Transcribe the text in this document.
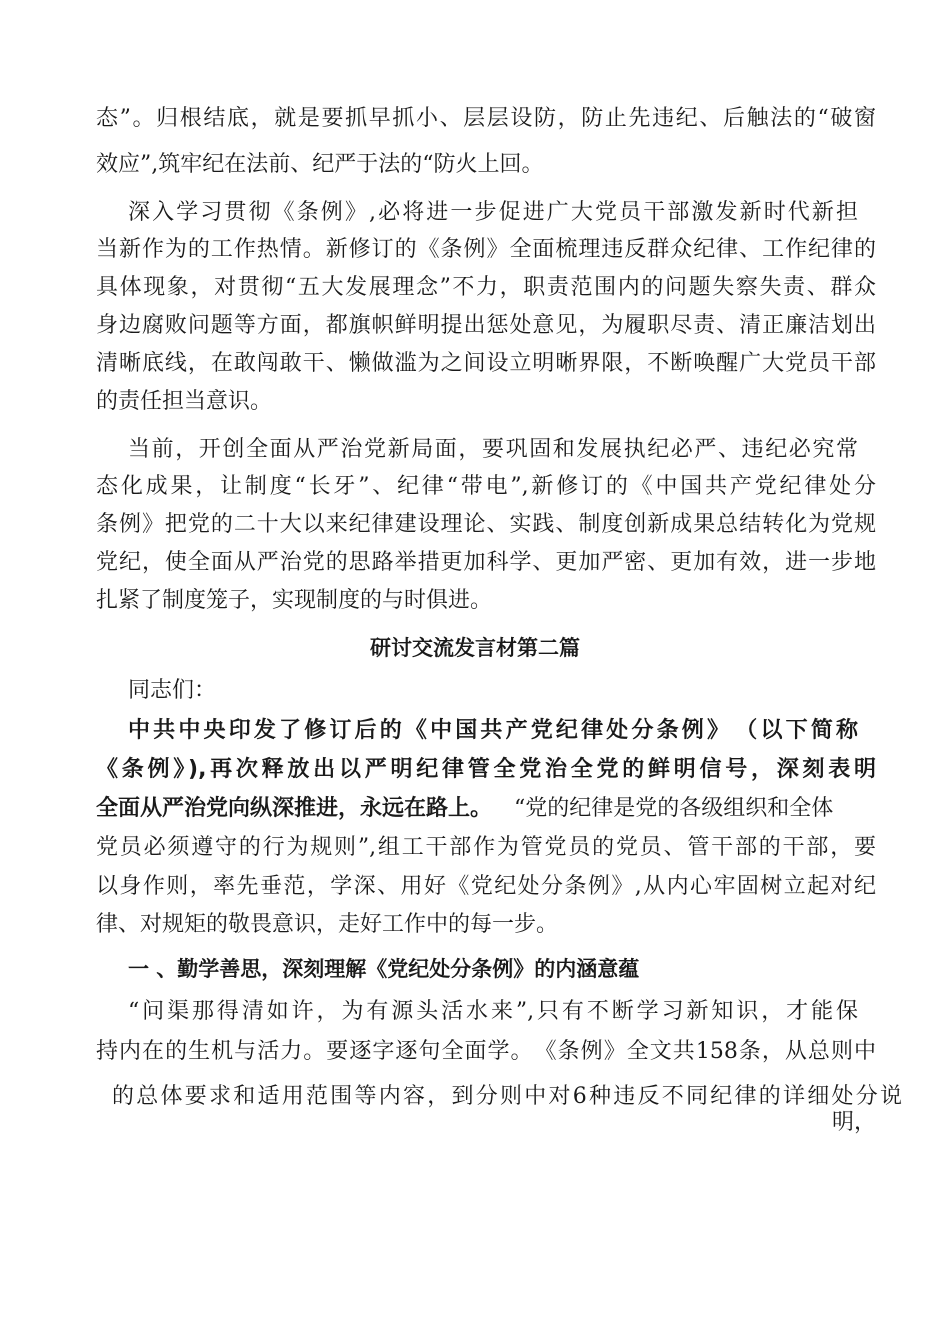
态”。归根结底，就是要抓早抓小、层层设防，防止先违纪、后触法的“破窗
效应”,筑牢纪在法前、纪严于法的“防火上回。
深入学习贯彻《条例》,必将进一步促进广大党员干部激发新时代新担
当新作为的工作热情。新修订的《条例》全面梳理违反群众纪律、工作纪律的
具体现象，对贯彻“五大发展理念”不力，职责范围内的问题失察失责、群众
身边腐败问题等方面，都旗帜鲜明提出惩处意见，为履职尽责、清正廉洁划出
清晰底线，在敢闯敢干、懒做滥为之间设立明晰界限，不断唤醒广大党员干部
的责任担当意识。
当前，开创全面从严治党新局面，要巩固和发展执纪必严、违纪必究常
态化成果，让制度“长牙”、纪律“带电”,新修订的《中国共产党纪律处分
条例》把党的二十大以来纪律建设理论、实践、制度创新成果总结转化为党规
党纪，使全面从严治党的思路举措更加科学、更加严密、更加有效，进一步地
扎紧了制度笼子，实现制度的与时俱进。
研讨交流发言材第二篇
同志们：
中共中央印发了修订后的《中国共产党纪律处分条例》　（以下简称
《条例》),再次释放出以严明纪律管全党治全党的鲜明信号，深刻表明
全面从严治党向纵深推进，永远在路上。 “党的纪律是党的各级组织和全体
党员必须遵守的行为规则”,组工干部作为管党员的党员、管干部的干部，要
以身作则，率先垂范，学深、用好《党纪处分条例》,从内心牢固树立起对纪
律、对规矩的敬畏意识，走好工作中的每一步。
一 、勤学善思，深刻理解《党纪处分条例》的内涵意蕴
“问渠那得清如许，为有源头活水来”,只有不断学习新知识，才能保
持内在的生机与活力。要逐字逐句全面学。　《条例》全文共158条，从总则中
的总体要求和适用范围等内容，到分则中对6种违反不同纪律的详细处分说
明，
